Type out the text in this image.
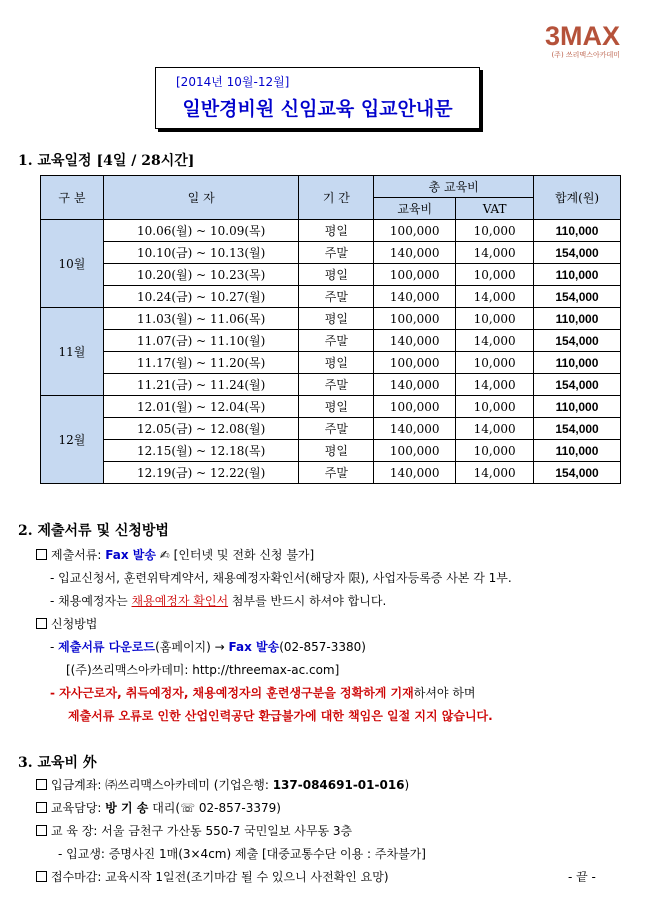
3MAX
(주) 쓰리맥스아카데미
[2014년 10월-12월]
일반경비원 신임교육 입교안내문
1. 교육일정 [4일 / 28시간]
구 분	일 자	기 간	총 교육비		합계(원)
			교육비	VAT	
10월	10.06(월) ~ 10.09(목)	평일	100,000	10,000	110,000
	10.10(금) ~ 10.13(월)	주말	140,000	14,000	154,000
	10.20(월) ~ 10.23(목)	평일	100,000	10,000	110,000
	10.24(금) ~ 10.27(월)	주말	140,000	14,000	154,000
11월	11.03(월) ~ 11.06(목)	평일	100,000	10,000	110,000
	11.07(금) ~ 11.10(월)	주말	140,000	14,000	154,000
	11.17(월) ~ 11.20(목)	평일	100,000	10,000	110,000
	11.21(금) ~ 11.24(월)	주말	140,000	14,000	154,000
12월	12.01(월) ~ 12.04(목)	평일	100,000	10,000	110,000
	12.05(금) ~ 12.08(월)	주말	140,000	14,000	154,000
	12.15(월) ~ 12.18(목)	평일	100,000	10,000	110,000
	12.19(금) ~ 12.22(월)	주말	140,000	14,000	154,000
2. 제출서류 및 신청방법
제출서류: Fax 발송 ✍ [인터넷 및 전화 신청 불가]
- 입교신청서, 훈련위탁계약서, 채용예정자확인서(해당자 限), 사업자등록증 사본 각 1부.
- 채용예정자는 채용예정자 확인서 첨부를 반드시 하셔야 합니다.
신청방법
- 제출서류 다운로드(홈페이지) → Fax 발송(02-857-3380)
[(주)쓰리맥스아카데미: http://threemax-ac.com]
- 자사근로자, 취득예정자, 채용예정자의 훈련생구분을 정확하게 기재하셔야 하며
제출서류 오류로 인한 산업인력공단 환급불가에 대한 책임은 일절 지지 않습니다.
3. 교육비 外
입금계좌: ㈜쓰리맥스아카데미 (기업은행: 137-084691-01-016)
교육담당: 방 기 송 대리(☏ 02-857-3379)
교 육 장: 서울 금천구 가산동 550-7 국민일보 사무동 3층
- 입교생: 증명사진 1매(3×4cm) 제출 [대중교통수단 이용 : 주차불가]
접수마감: 교육시작 1일전(조기마감 될 수 있으니 사전확인 요망)	- 끝 -
